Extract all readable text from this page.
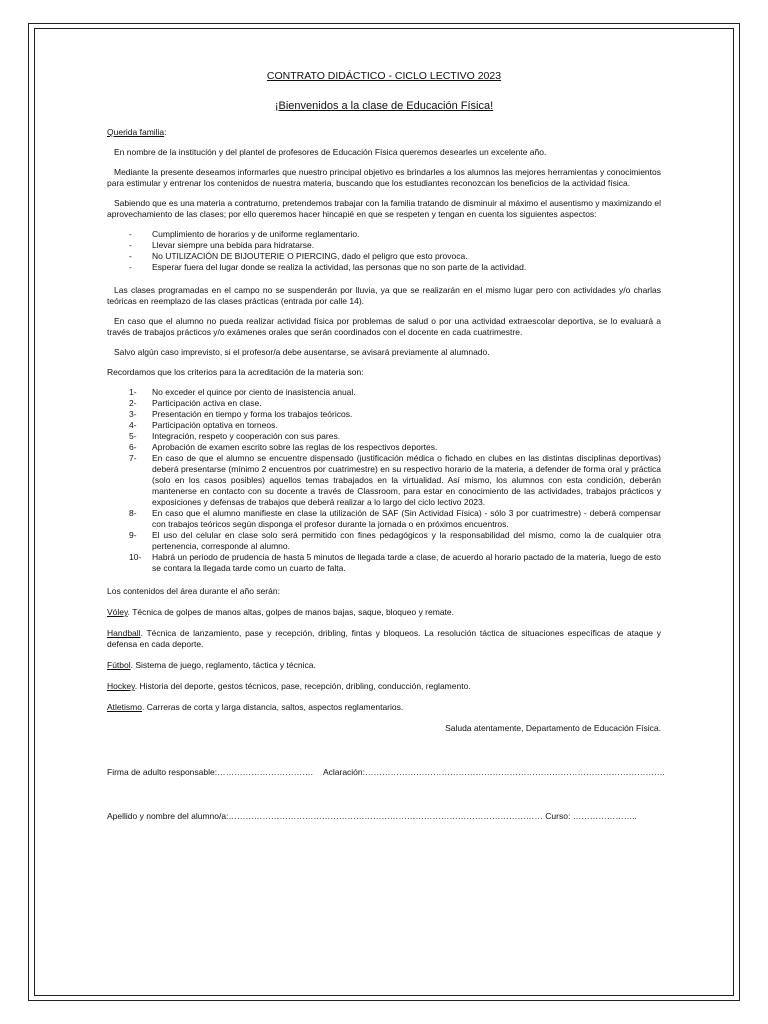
CONTRATO DIDÁCTICO - CICLO LECTIVO 2023

¡Bienvenidos a la clase de Educación Física!

Querida familia:

En nombre de la institución y del plantel de profesores de Educación Física queremos desearles un excelente año.

Mediante la presente deseamos informarles que nuestro principal objetivo es brindarles a los alumnos las mejores herramientas y conocimientos para estimular y entrenar los contenidos de nuestra materia, buscando que los estudiantes reconozcan los beneficios de la actividad física.

Sabiendo que es una materia a contraturno, pretendemos trabajar con la familia tratando de disminuir al máximo el ausentismo y maximizando el aprovechamiento de las clases; por ello queremos hacer hincapié en que se respeten y tengan en cuenta los siguientes aspectos:

- Cumplimiento de horarios y de uniforme reglamentario.
- Llevar siempre una bebida para hidratarse.
- No UTILIZACIÓN DE BIJOUTERIE O PIERCING, dado el peligro que esto provoca.
- Esperar fuera del lugar donde se realiza la actividad, las personas que no son parte de la actividad.

Las clases programadas en el campo no se suspenderán por lluvia, ya que se realizarán en el mismo lugar pero con actividades y/o charlas teóricas en reemplazo de las clases prácticas (entrada por calle 14).

En caso que el alumno no pueda realizar actividad física por problemas de salud o por una actividad extraescolar deportiva, se lo evaluará a través de trabajos prácticos y/o exámenes orales que serán coordinados con el docente en cada cuatrimestre.

Salvo algún caso imprevisto, si el profesor/a debe ausentarse, se avisará previamente al alumnado.

Recordamos que los criterios para la acreditación de la materia son:

1- No exceder el quince por ciento de inasistencia anual.
2- Participación activa en clase.
3- Presentación en tiempo y forma los trabajos teóricos.
4- Participación optativa en torneos.
5- Integración, respeto y cooperación con sus pares.
6- Aprobación de examen escrito sobre las reglas de los respectivos deportes.
7- En caso de que el alumno se encuentre dispensado (justificación médica o fichado en clubes en las distintas disciplinas deportivas) deberá presentarse (mínimo 2 encuentros por cuatrimestre) en su respectivo horario de la materia, a defender de forma oral y práctica (solo en los casos posibles) aquellos temas trabajados en la virtualidad. Así mismo, los alumnos con esta condición, deberán mantenerse en contacto con su docente a través de Classroom, para estar en conocimiento de las actividades, trabajos prácticos y exposiciones y defensas de trabajos que deberá realizar a lo largo del ciclo lectivo 2023.
8- En caso que el alumno manifieste en clase la utilización de SAF (Sin Actividad Física) - sólo 3 por cuatrimestre) - deberá compensar con trabajos teóricos según disponga el profesor durante la jornada o en próximos encuentros.
9- El uso del celular en clase solo será permitido con fines pedagógicos y la responsabilidad del mismo, como la de cualquier otra pertenencia, corresponde al alumno.
10- Habrá un periodo de prudencia de hasta 5 minutos de llegada tarde a clase, de acuerdo al horario pactado de la materia, luego de esto se contara la llegada tarde como un cuarto de falta.

Los contenidos del área durante el año serán:

Vóley. Técnica de golpes de manos altas, golpes de manos bajas, saque, bloqueo y remate.

Handball. Técnica de lanzamiento, pase y recepción, dribling, fintas y bloqueos. La resolución táctica de situaciones específicas de ataque y defensa en cada deporte.

Fútbol. Sistema de juego, reglamento, táctica y técnica.

Hockey. Historia del deporte, gestos técnicos, pase, recepción, dribling, conducción, reglamento.

Atletismo. Carreras de corta y larga distancia, saltos, aspectos reglamentarios.

Saluda atentamente, Departamento de Educación Física.

Firma de adulto responsable:……………………………. Aclaración:…………………………………………………………………………………………….

Apellido y nombre del alumno/a:………………………………………………………………………………………………… Curso: …………………..
